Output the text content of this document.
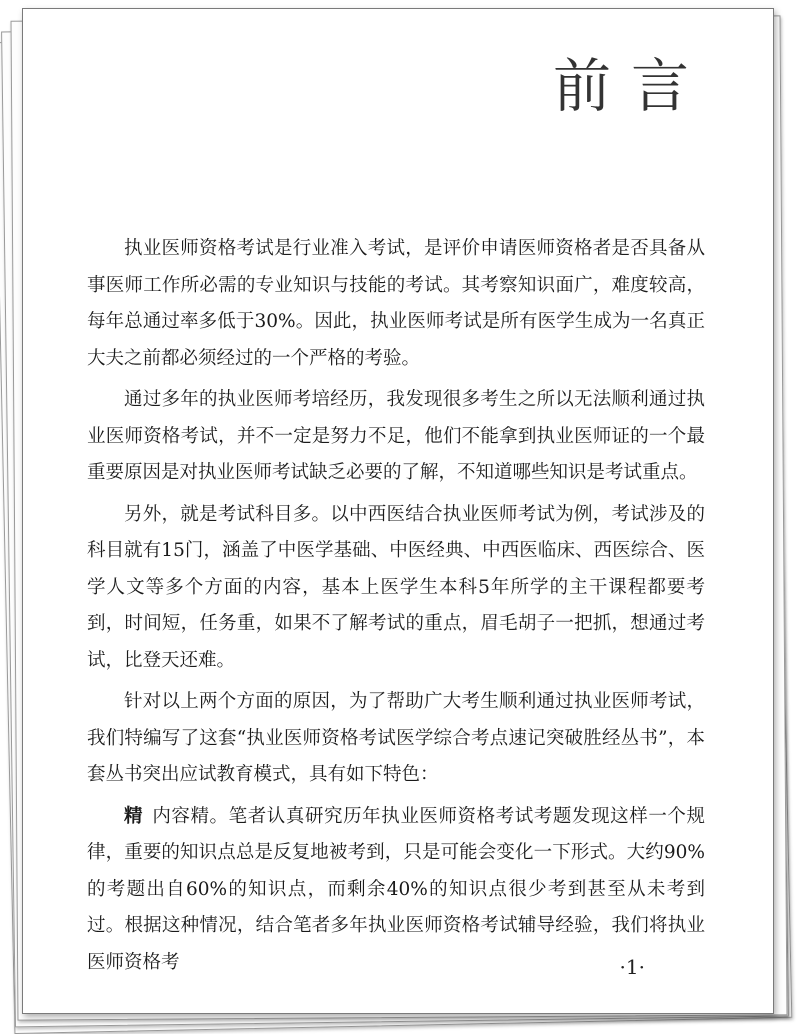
前言

执业医师资格考试是行业准入考试，是评价申请医师资格者是否具备从事医师工作所必需的专业知识与技能的考试。其考察知识面广，难度较高，每年总通过率多低于30%。因此，执业医师考试是所有医学生成为一名真正大夫之前都必须经过的一个严格的考验。

通过多年的执业医师考培经历，我发现很多考生之所以无法顺利通过执业医师资格考试，并不一定是努力不足，他们不能拿到执业医师证的一个最重要原因是对执业医师考试缺乏必要的了解，不知道哪些知识是考试重点。

另外，就是考试科目多。以中西医结合执业医师考试为例，考试涉及的科目就有15门，涵盖了中医学基础、中医经典、中西医临床、西医综合、医学人文等多个方面的内容，基本上医学生本科5年所学的主干课程都要考到，时间短，任务重，如果不了解考试的重点，眉毛胡子一把抓，想通过考试，比登天还难。

针对以上两个方面的原因，为了帮助广大考生顺利通过执业医师考试，我们特编写了这套“执业医师资格考试医学综合考点速记突破胜经丛书”，本套丛书突出应试教育模式，具有如下特色：

精内容精。笔者认真研究历年执业医师资格考试考题发现这样一个规律，重要的知识点总是反复地被考到，只是可能会变化一下形式。大约90%的考题出自60%的知识点，而剩余40%的知识点很少考到甚至从未考到过。根据这种情况，结合笔者多年执业医师资格考试辅导经验，我们将执业医师资格考	·1·
